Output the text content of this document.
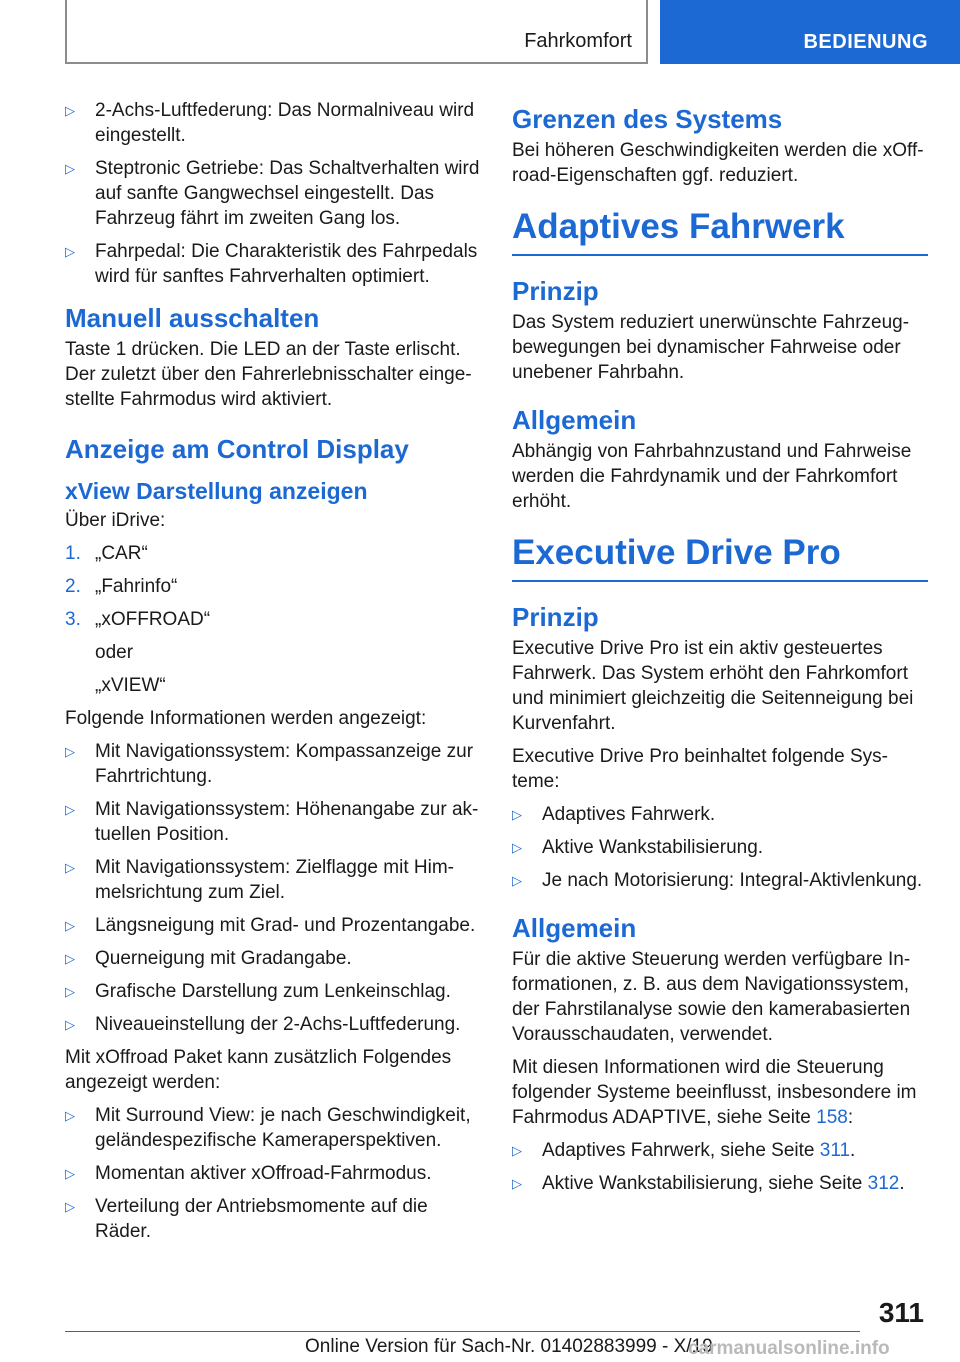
Fahrkomfort	BEDIENUNG
▷ 2-Achs-Luftfederung: Das Normalniveau wird eingestellt.
▷ Steptronic Getriebe: Das Schaltverhalten wird auf sanfte Gangwechsel eingestellt. Das Fahrzeug fährt im zweiten Gang los.
▷ Fahrpedal: Die Charakteristik des Fahrpedals wird für sanftes Fahrverhalten optimiert.
Manuell ausschalten

Taste 1 drücken. Die LED an der Taste erlischt. Der zuletzt über den Fahrerlebnisschalter eingestellte Fahrmodus wird aktiviert.

Anzeige am Control Display
xView Darstellung anzeigen

Über iDrive:

1. „CAR“
2. „Fahrinfo“
3. „xOFFROAD“

oder

„xVIEW“

Folgende Informationen werden angezeigt:

▷ Mit Navigationssystem: Kompassanzeige zur Fahrtrichtung.
▷ Mit Navigationssystem: Höhenangabe zur aktuellen Position.
▷ Mit Navigationssystem: Zielflagge mit Himmelsrichtung zum Ziel.
▷ Längsneigung mit Grad- und Prozentangabe.
▷ Querneigung mit Gradangabe.
▷ Grafische Darstellung zum Lenkeinschlag.
▷ Niveaueinstellung der 2-Achs-Luftfederung.

Mit xOffroad Paket kann zusätzlich Folgendes angezeigt werden:

▷ Mit Surround View: je nach Geschwindigkeit, geländespezifische Kameraperspektiven.
▷ Momentan aktiver xOffroad-Fahrmodus.
▷ Verteilung der Antriebsmomente auf die Räder.
Grenzen des Systems

Bei höheren Geschwindigkeiten werden die xOffroad-Eigenschaften ggf. reduziert.

Adaptives Fahrwerk
Prinzip

Das System reduziert unerwünschte Fahrzeugbewegungen bei dynamischer Fahrweise oder unebener Fahrbahn.

Allgemein

Abhängig von Fahrbahnzustand und Fahrweise werden die Fahrdynamik und der Fahrkomfort erhöht.

Executive Drive Pro
Prinzip

Executive Drive Pro ist ein aktiv gesteuertes Fahrwerk. Das System erhöht den Fahrkomfort und minimiert gleichzeitig die Seitenneigung bei Kurvenfahrt.

Executive Drive Pro beinhaltet folgende Systeme:

▷ Adaptives Fahrwerk.
▷ Aktive Wankstabilisierung.
▷ Je nach Motorisierung: Integral-Aktivlenkung.
Allgemein

Für die aktive Steuerung werden verfügbare Informationen, z. B. aus dem Navigationssystem, der Fahrstilanalyse sowie den kamerabasierten Vorausschaudaten, verwendet.

Mit diesen Informationen wird die Steuerung folgender Systeme beeinflusst, insbesondere im Fahrmodus ADAPTIVE, siehe Seite 158:

▷ Adaptives Fahrwerk, siehe Seite 311.
▷ Aktive Wankstabilisierung, siehe Seite 312.
311
Online Version für Sach-Nr. 01402883999 - X/19
carmanualsonline.info
